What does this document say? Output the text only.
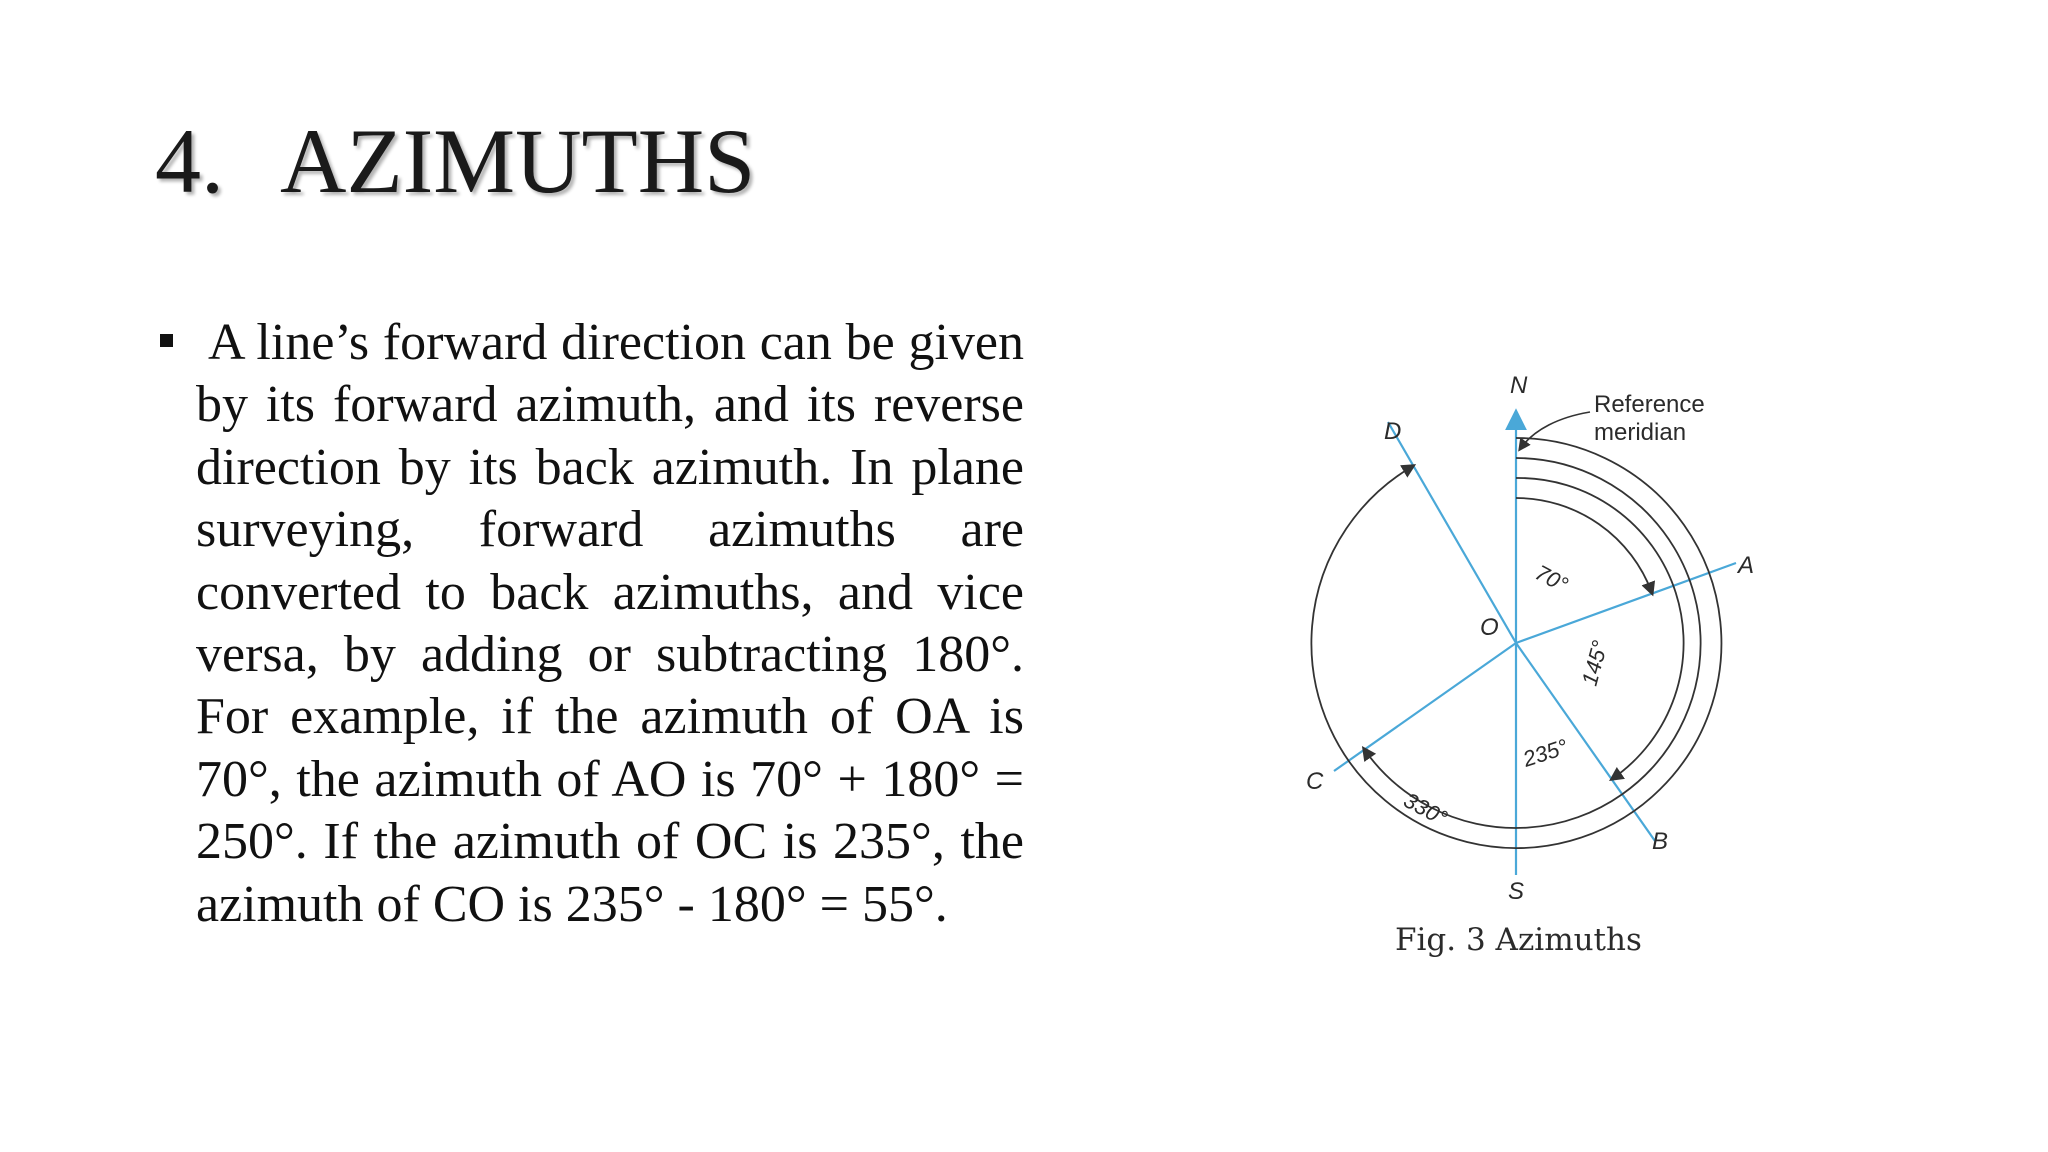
4. AZIMUTHS

A line’s forward direction can be given by its forward azimuth, and its reverse direction by its back azimuth. In plane surveying, forward azimuths are converted to back azimuths, and vice versa, by adding or subtracting 180°. For example, if the azimuth of OA is 70°, the azimuth of AO is 70° + 180° = 250°. If the azimuth of OC is 235°, the azimuth of CO is 235° - 180° = 55°.

N
S
O
A
B
C
D
Reference
meridian
70°
145°
235°
330°
Fig. 3 Azimuths
